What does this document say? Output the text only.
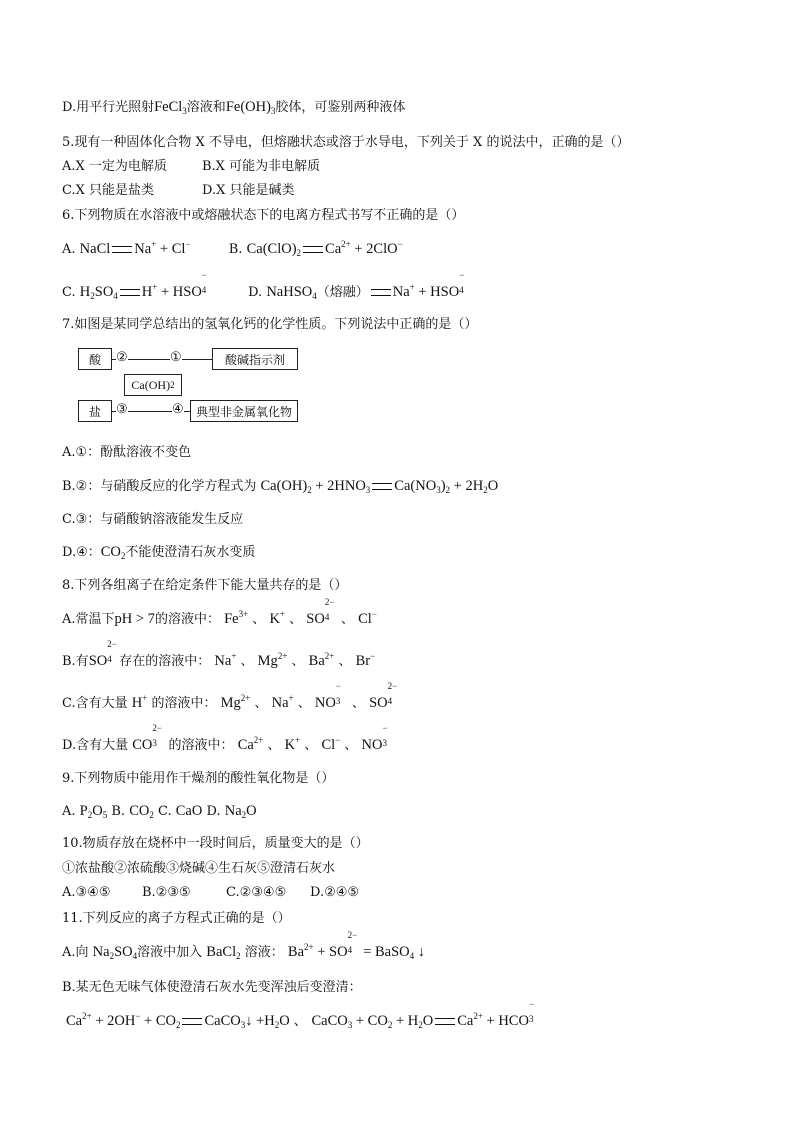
D.用平行光照射FeCl$_3$溶液和$Fe(OH)_3$胶体，可鉴别两种液体
5.现有一种固体化合物 X 不导电，但熔融状态或溶于水导电，下列关于 X 的说法中，正确的是（）
A.X 一定为电解质	B.X 可能为非电解质
C.X 只能是盐类	D.X 只能是碱类
6.下列物质在水溶液中或熔融状态下的电离方程式书写不正确的是（）
A. NaCl Na+ + Cl−	B. $Ca(ClO)_2$ $Ca^{2+} + 2ClO^-$
C. $H_2SO_4$ H+ + HSO
−
4	D. NaHSO$_4$（熔融） Na+ + HSO
−
4
7.如图是某同学总结出的氢氧化钙的化学性质。下列说法中正确的是（）
酸
盐
酸碱指示剂
典型非金属氧化物
Ca(OH) 2
②	①
③	④
A.①：酚酞溶液不变色
B.②：与硝酸反应的化学方程式为 $Ca(OH)_2 + 2HNO_3$ $Ca(NO_3)_2 + 2H_2O$
C.③：与硝酸钠溶液能发生反应
D.④：$CO_2$不能使澄清石灰水变质
8.下列各组离子在给定条件下能大量共存的是（）
A.常温下pH > 7的溶液中： $Fe^{3+}$ 、 K+ 、 SO
2−
4 、 Cl−
B.有SO
2−
4 存在的溶液中： Na+ 、 $Mg^{2+}$ 、 $Ba^{2+}$ 、 Br−
C.含有大量 H+ 的溶液中： $Mg^{2+}$ 、 Na+ 、 NO
−
3 、 SO
2−
4
D.含有大量 CO
2−
3 的溶液中： $Ca^{2+}$ 、 K+ 、 Cl− 、 NO
−
3
9.下列物质中能用作干燥剂的酸性氧化物是（）
A. $P_2O_5$ B. $CO_2$ C. CaO D. $Na_2O$
10.物质存放在烧杯中一段时间后，质量变大的是（）
①浓盐酸②浓硫酸③烧碱④生石灰⑤澄清石灰水
A.③④⑤ B.②③⑤	C.②③④⑤ D.②④⑤
11.下列反应的离子方程式正确的是（）
A.向 $Na_2SO_4$溶液中加入 BaCl$_2$ 溶液： $Ba^{2+}$ + SO
2−
4 = BaSO$_4$ ↓
B.某无色无味气体使澄清石灰水先变浑浊后变澄清：
$Ca^{2+} + 2OH^- + CO_2$ CaCO$_3$↓ $+H_2O$ 、 CaCO$_3$ + $CO_2 + H_2O$ $Ca^{2+}$ + HCO
−
3
